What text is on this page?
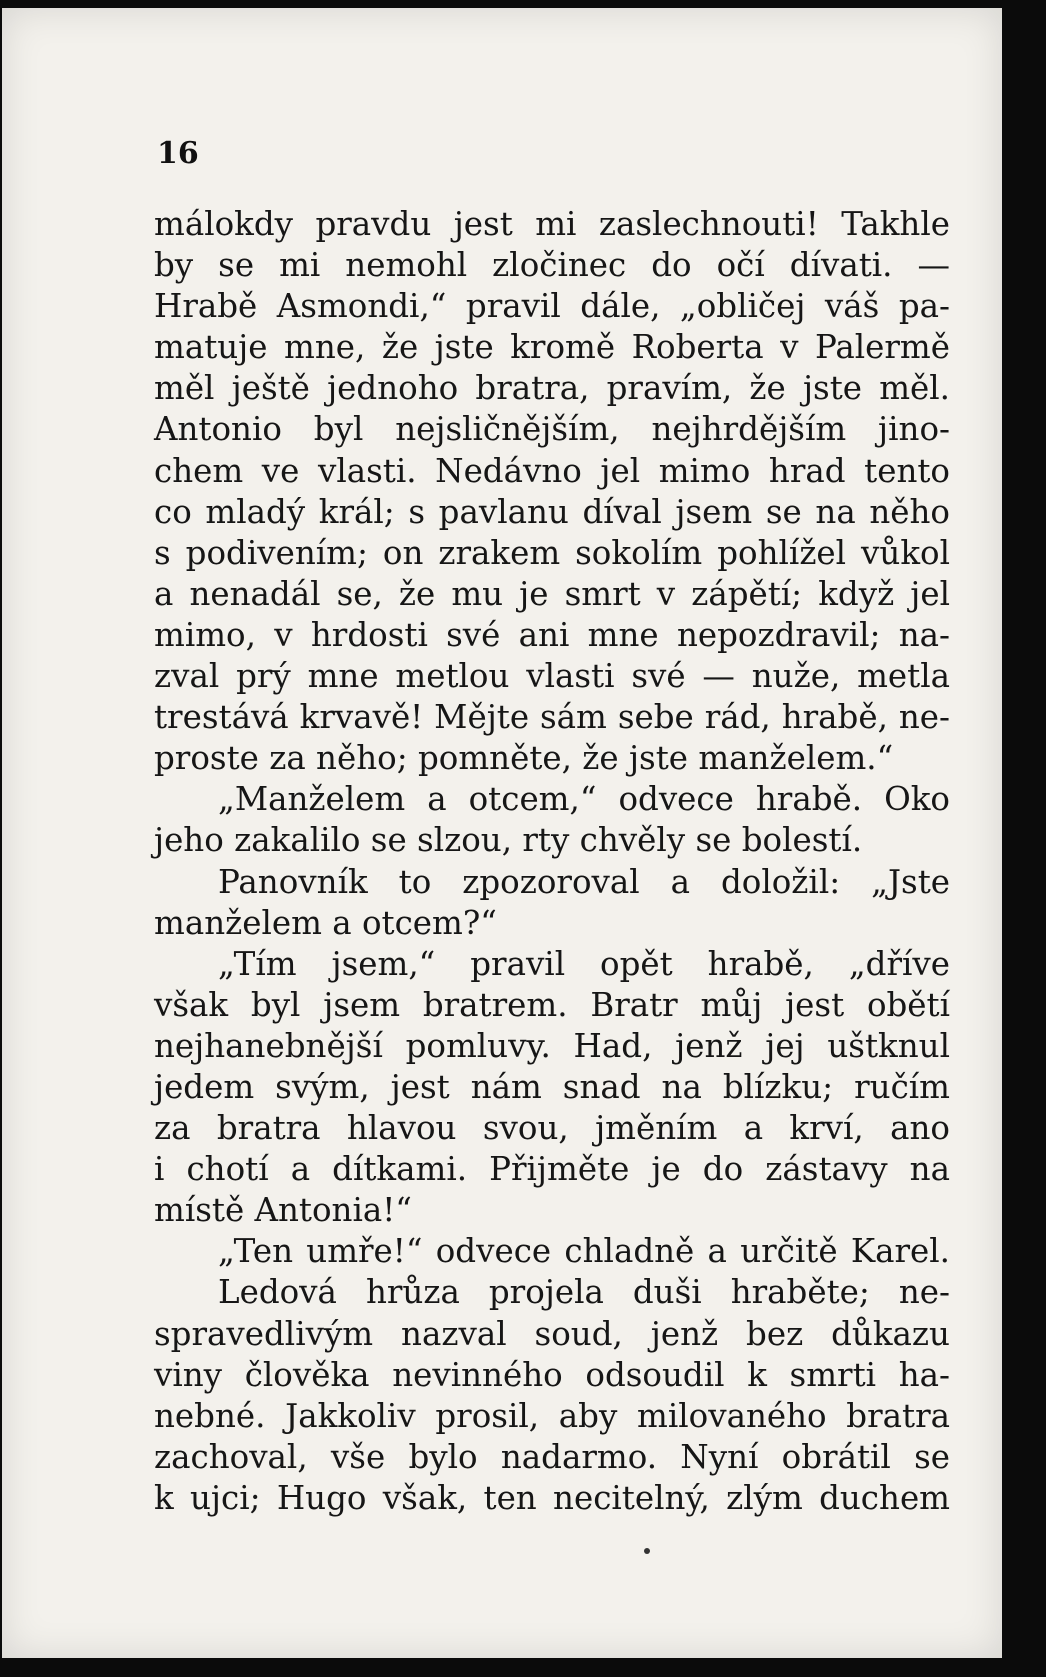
16
málokdy pravdu jest mi zaslechnouti! Takhle
by se mi nemohl zločinec do očí dívati. —
Hrabě Asmondi,“ pravil dále, „obličej váš pa-
matuje mne, že jste kromě Roberta v Palermě
měl ještě jednoho bratra, pravím, že jste měl.
Antonio byl nejsličnějším, nejhrdějším jino-
chem ve vlasti. Nedávno jel mimo hrad tento
co mladý král; s pavlanu díval jsem se na něho
s podivením; on zrakem sokolím pohlížel vůkol
a nenadál se, že mu je smrt v zápětí; když jel
mimo, v hrdosti své ani mne nepozdravil; na-
zval prý mne metlou vlasti své — nuže, metla
trestává krvavě! Mějte sám sebe rád, hrabě, ne-
proste za něho; pomněte, že jste manželem.“
„Manželem a otcem,“ odvece hrabě. Oko
jeho zakalilo se slzou, rty chvěly se bolestí.
Panovník to zpozoroval a doložil: „Jste
manželem a otcem?“
„Tím jsem,“ pravil opět hrabě, „dříve
však byl jsem bratrem. Bratr můj jest obětí
nejhanebnější pomluvy. Had, jenž jej uštknul
jedem svým, jest nám snad na blízku; ručím
za bratra hlavou svou, jměním a krví, ano
i chotí a dítkami. Přijměte je do zástavy na
místě Antonia!“
„Ten umře!“ odvece chladně a určitě Karel.
Ledová hrůza projela duši hraběte; ne-
spravedlivým nazval soud, jenž bez důkazu
viny člověka nevinného odsoudil k smrti ha-
nebné. Jakkoliv prosil, aby milovaného bratra
zachoval, vše bylo nadarmo. Nyní obrátil se
k ujci; Hugo však, ten necitelný, zlým duchem
